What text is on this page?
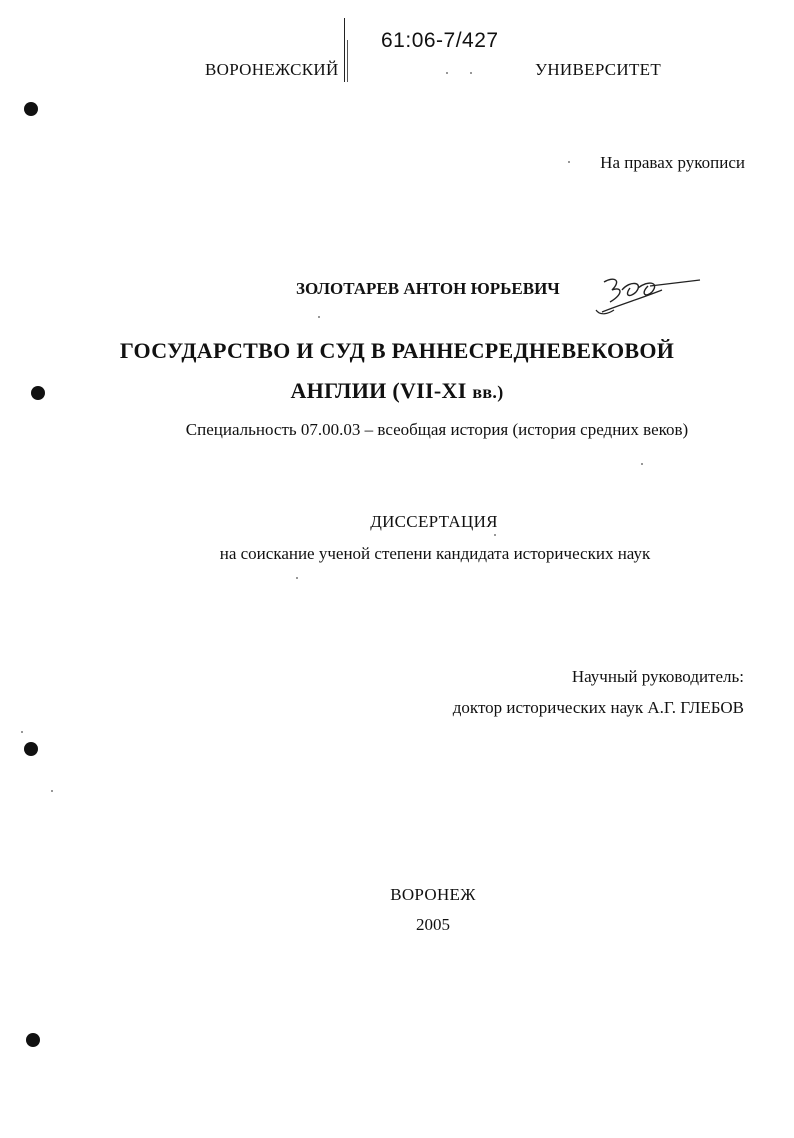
61:06-7/427
ВОРОНЕЖСКИЙ	УНИВЕРСИТЕТ
На правах рукописи
ЗОЛОТАРЕВ АНТОН ЮРЬЕВИЧ
ГОСУДАРСТВО И СУД В РАННЕСРЕДНЕВЕКОВОЙ
АНГЛИИ (VII-XI вв.)
Специальность 07.00.03 – всеобщая история (история средних веков)
ДИССЕРТАЦИЯ
на соискание ученой степени кандидата исторических наук
Научный руководитель:
доктор исторических наук А.Г. ГЛЕБОВ
ВОРОНЕЖ
2005
